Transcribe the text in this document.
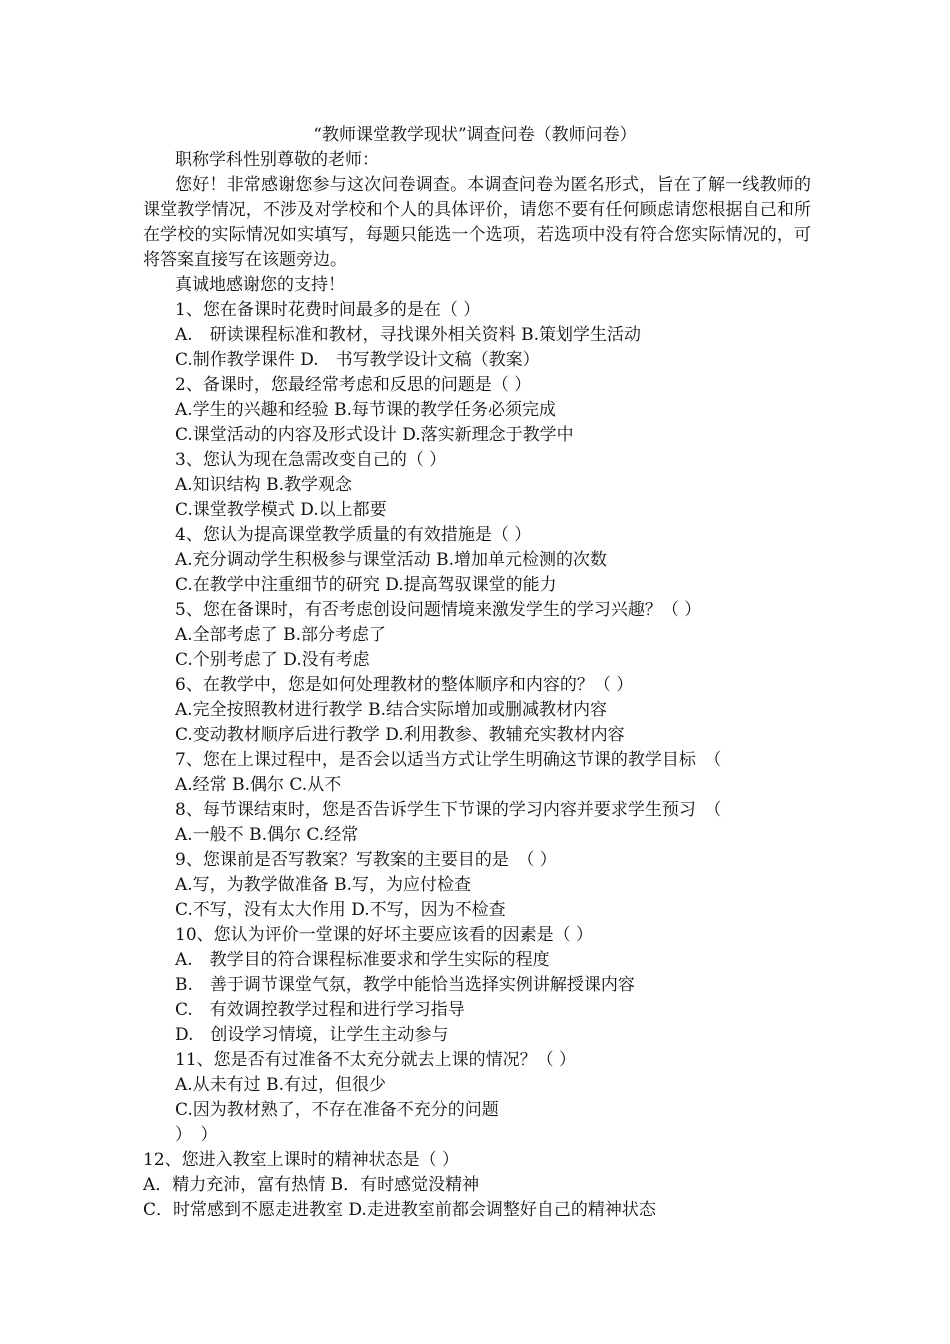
“教师课堂教学现状”调查问卷（教师问卷）
职称学科性别尊敬的老师：
您好！非常感谢您参与这次问卷调查。本调查问卷为匿名形式，旨在了解一线教师的课堂教学情况，不涉及对学校和个人的具体评价，请您不要有任何顾虑请您根据自己和所在学校的实际情况如实填写，每题只能选一个选项，若选项中没有符合您实际情况的，可将答案直接写在该题旁边。
真诚地感谢您的支持！
1、您在备课时花费时间最多的是在（ ）
A.　研读课程标准和教材，寻找课外相关资料 B.策划学生活动
C.制作教学课件 D.　书写教学设计文稿（教案）
2、备课时，您最经常考虑和反思的问题是（ ）
A.学生的兴趣和经验 B.每节课的教学任务必须完成
C.课堂活动的内容及形式设计 D.落实新理念于教学中
3、您认为现在急需改变自己的（ ）
A.知识结构 B.教学观念
C.课堂教学模式 D.以上都要
4、您认为提高课堂教学质量的有效措施是（ ）
A.充分调动学生积极参与课堂活动 B.增加单元检测的次数
C.在教学中注重细节的研究 D.提高驾驭课堂的能力
5、您在备课时，有否考虑创设问题情境来激发学生的学习兴趣？（ ）
A.全部考虑了 B.部分考虑了
C.个别考虑了 D.没有考虑
6、在教学中，您是如何处理教材的整体顺序和内容的？（ ）
A.完全按照教材进行教学 B.结合实际增加或删减教材内容
C.变动教材顺序后进行教学 D.利用教参、教辅充实教材内容
7、您在上课过程中，是否会以适当方式让学生明确这节课的教学目标　（
A.经常 B.偶尔 C.从不
8、每节课结束时，您是否告诉学生下节课的学习内容并要求学生预习　（
A.一般不 B.偶尔 C.经常
9、您课前是否写教案？写教案的主要目的是　（ ）
A.写，为教学做准备 B.写，为应付检查
C.不写，没有太大作用 D.不写，因为不检查
10、您认为评价一堂课的好坏主要应该看的因素是（ ）
A.　教学目的符合课程标准要求和学生实际的程度
B.　善于调节课堂气氛，教学中能恰当选择实例讲解授课内容
C.　有效调控教学过程和进行学习指导
D.　创设学习情境，让学生主动参与
11、您是否有过准备不太充分就去上课的情况？（ ）
A.从未有过 B.有过，但很少
C.因为教材熟了，不存在准备不充分的问题
）　）
12、您进入教室上课时的精神状态是（ ）
A．精力充沛，富有热情 B．有时感觉没精神
C．时常感到不愿走进教室 D.走进教室前都会调整好自己的精神状态
